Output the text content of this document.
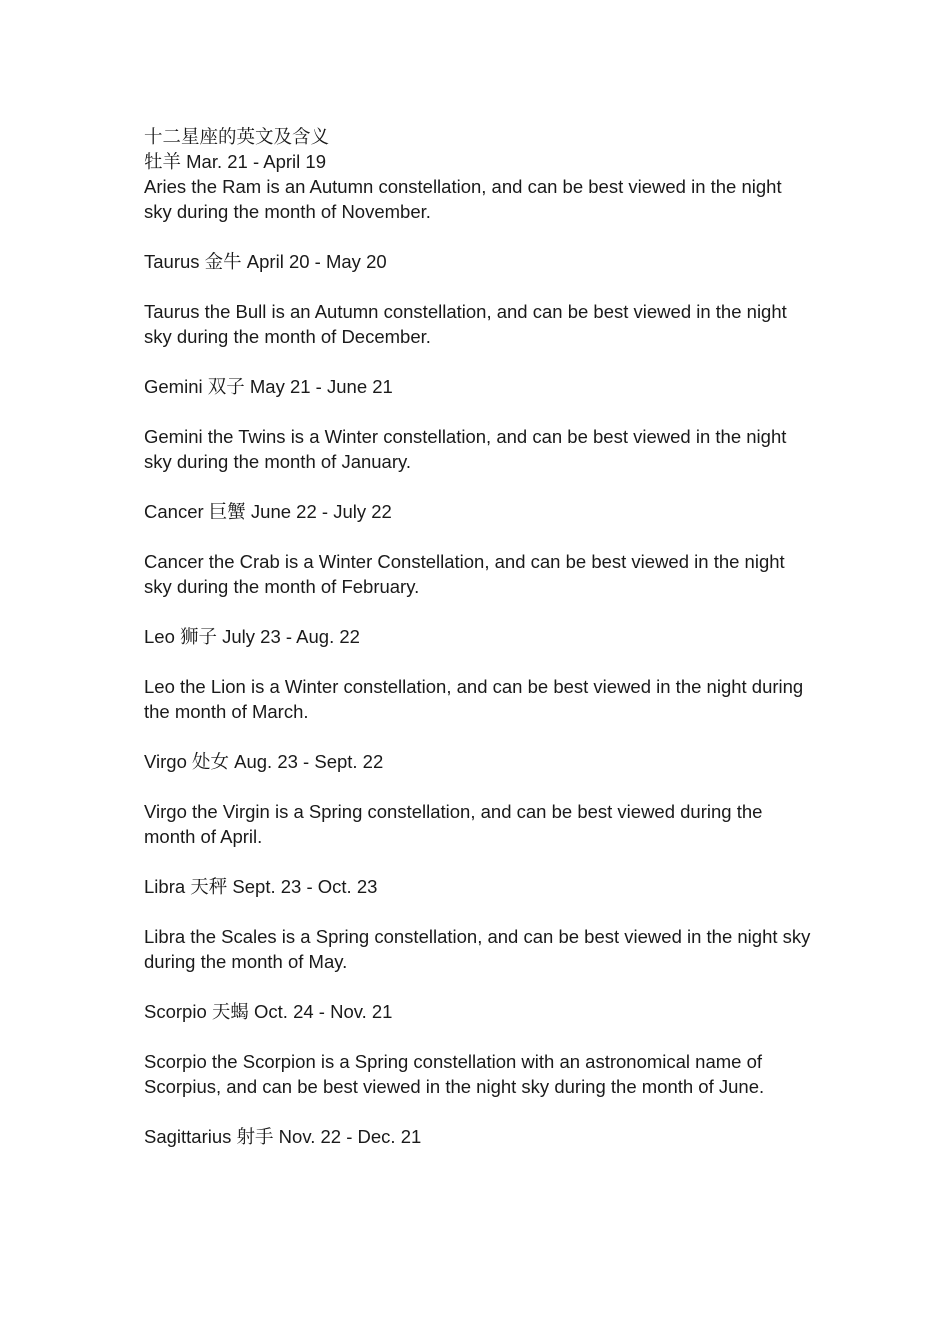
十二星座的英文及含义
牡羊 Mar. 21 - April 19
Aries the Ram is an Autumn constellation, and can be best viewed in the night sky during the month of November.
Taurus 金牛 April 20 - May 20
Taurus the Bull is an Autumn constellation, and can be best viewed in the night sky during the month of December.
Gemini 双子 May 21 - June 21
Gemini the Twins is a Winter constellation, and can be best viewed in the night sky during the month of January.
Cancer 巨蟹 June 22 - July 22
Cancer the Crab is a Winter Constellation, and can be best viewed in the night sky during the month of February.
Leo 狮子 July 23 - Aug. 22
Leo the Lion is a Winter constellation, and can be best viewed in the night during the month of March.
Virgo 处女 Aug. 23 - Sept. 22
Virgo the Virgin is a Spring constellation, and can be best viewed during the month of April.
Libra 天秤 Sept. 23 - Oct. 23
Libra the Scales is a Spring constellation, and can be best viewed in the night sky during the month of May.
Scorpio 天蝎 Oct. 24 - Nov. 21
Scorpio the Scorpion is a Spring constellation with an astronomical name of Scorpius, and can be best viewed in the night sky during the month of June.
Sagittarius 射手 Nov. 22 - Dec. 21
